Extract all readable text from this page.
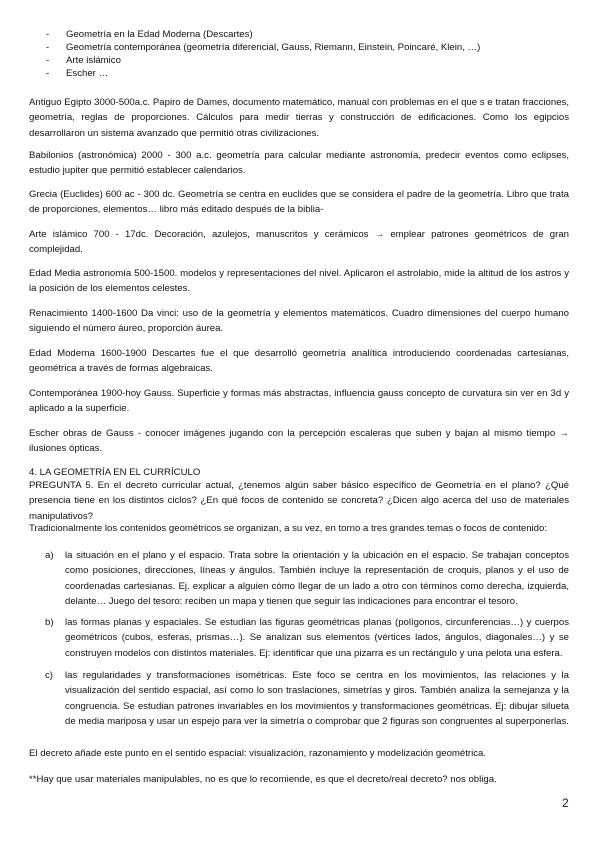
- Geometría en la Edad Moderna (Descartes)
- Geometría contemporánea (geometría diferencial, Gauss, Riemann, Einstein, Poincaré, Klein, …)
- Arte islámico
- Escher …

Antiguo Egipto 3000-500a.c. Papiro de Dames, documento matemático, manual con problemas en el que s e tratan fracciones, geometría, reglas de proporciones. Cálculos para medir tierras y construcción de edificaciones. Como los egipcios desarrollaron un sistema avanzado que permitió otras civilizaciones.

Babilonios (astronómica) 2000 - 300 a.c. geometría para calcular mediante astronomía, predecir eventos como eclipses, estudio jupiter que permitió establecer calendarios.

Grecia (Euclides) 600 ac - 300 dc. Geometría se centra en euclides que se considera el padre de la geometría. Libro que trata de proporciones, elementos… libro más editado después de la biblia-

Arte islámico 700 - 17dc. Decoración, azulejos, manuscritos y cerámicos → emplear patrones geométricos de gran complejidad.

Edad Media astronomía 500-1500. modelos y representaciones del nivel. Aplicaron el astrolabio, mide la altitud de los astros y la posición de los elementos celestes.

Renacimiento 1400-1600 Da vinci: uso de la geometría y elementos matemáticos. Cuadro dimensiones del cuerpo humano siguiendo el número áureo, proporción áurea.

Edad Moderna 1600-1900 Descartes fue el que desarrolló geometría analítica introduciendo coordenadas cartesianas, geométrica a través de formas algebraicas.

Contemporánea 1900-hoy Gauss. Superficie y formas más abstractas, influencia gauss concepto de curvatura sin ver en 3d y aplicado a la superficie.

Escher obras de Gauss - conocer imágenes jugando con la percepción escaleras que suben y bajan al mismo tiempo → ilusiones ópticas.

4. LA GEOMETRÍA EN EL CURRÍCULO

PREGUNTA 5. En el decreto curricular actual, ¿tenemos algún saber básico específico de Geometría en el plano? ¿Qué presencia tiene en los distintos ciclos? ¿En qué focos de contenido se concreta? ¿Dicen algo acerca del uso de materiales manipulativos?

Tradicionalmente los contenidos geométricos se organizan, a su vez, en torno a tres grandes temas o focos de contenido:

a) la situación en el plano y el espacio. Trata sobre la orientación y la ubicación en el espacio. Se trabajan conceptos como posiciones, direcciones, líneas y ángulos. También incluye la representación de croquis, planos y el uso de coordenadas cartesianas. Ej. explicar a alguien cómo llegar de un lado a otro con términos como derecha, izquierda, delante… Juego del tesoro: reciben un mapa y tienen que seguir las indicaciones para encontrar el tesoro.
b) las formas planas y espaciales. Se estudian las figuras geométricas planas (polígonos, circunferencias…) y cuerpos geométricos (cubos, esferas, prismas…). Se analizan sus elementos (vértices lados, ángulos, diagonales…) y se construyen modelos con distintos materiales. Ej: identificar que una pizarra es un rectángulo y una pelota una esfera.
c) las regularidades y transformaciones isométricas. Este foco se centra en los movimientos, las relaciones y la visualización del sentido espacial, así como lo son traslaciones, simetrías y giros. También analiza la semejanza y la congruencia. Se estudian patrones invariables en los movimientos y transformaciones geométricas. Ej: dibujar silueta de media mariposa y usar un espejo para ver la simetría o comprobar que 2 figuras son congruentes al superponerlas.

El decreto añade este punto en el sentido espacial: visualización, razonamiento y modelización geométrica.

**Hay que usar materiales manipulables, no es que lo recomiende, es que el decreto/real decreto? nos obliga.

2
